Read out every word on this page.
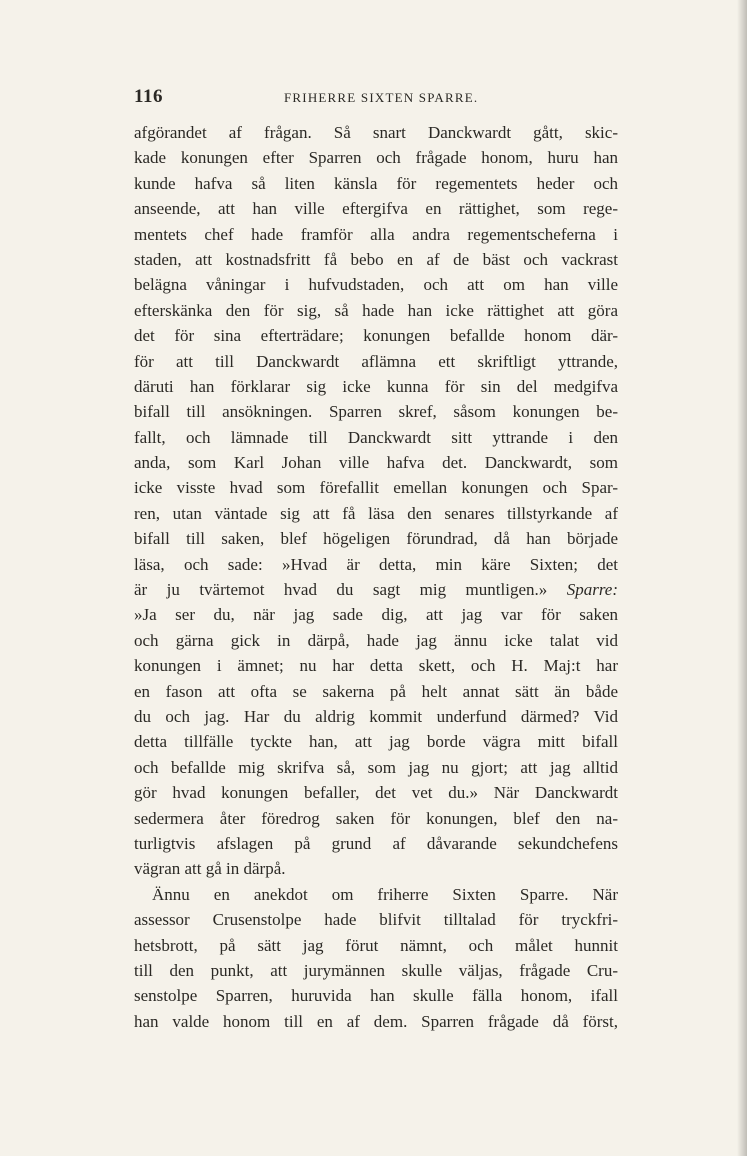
116	FRIHERRE SIXTEN SPARRE.
afgörandet af frågan. Så snart Danckwardt gått, skic-
kade konungen efter Sparren och frågade honom, huru han
kunde hafva så liten känsla för regementets heder och
anseende, att han ville eftergifva en rättighet, som rege-
mentets chef hade framför alla andra regementscheferna i
staden, att kostnadsfritt få bebo en af de bäst och vackrast
belägna våningar i hufvudstaden, och att om han ville
efterskänka den för sig, så hade han icke rättighet att göra
det för sina efterträdare; konungen befallde honom där-
för att till Danckwardt aflämna ett skriftligt yttrande,
däruti han förklarar sig icke kunna för sin del medgifva
bifall till ansökningen. Sparren skref, såsom konungen be-
fallt, och lämnade till Danckwardt sitt yttrande i den
anda, som Karl Johan ville hafva det. Danckwardt, som
icke visste hvad som förefallit emellan konungen och Spar-
ren, utan väntade sig att få läsa den senares tillstyrkande af
bifall till saken, blef högeligen förundrad, då han började
läsa, och sade: »Hvad är detta, min käre Sixten; det
är ju tvärtemot hvad du sagt mig muntligen.» Sparre:
»Ja ser du, när jag sade dig, att jag var för saken
och gärna gick in därpå, hade jag ännu icke talat vid
konungen i ämnet; nu har detta skett, och H. Maj:t har
en fason att ofta se sakerna på helt annat sätt än både
du och jag. Har du aldrig kommit underfund därmed? Vid
detta tillfälle tyckte han, att jag borde vägra mitt bifall
och befallde mig skrifva så, som jag nu gjort; att jag alltid
gör hvad konungen befaller, det vet du.» När Danckwardt
sedermera åter föredrog saken för konungen, blef den na-
turligtvis afslagen på grund af dåvarande sekundchefens
vägran att gå in därpå.
Ännu en anekdot om friherre Sixten Sparre. När
assessor Crusenstolpe hade blifvit tilltalad för tryckfri-
hetsbrott, på sätt jag förut nämnt, och målet hunnit
till den punkt, att jurymännen skulle väljas, frågade Cru-
senstolpe Sparren, huruvida han skulle fälla honom, ifall
han valde honom till en af dem. Sparren frågade då först,
